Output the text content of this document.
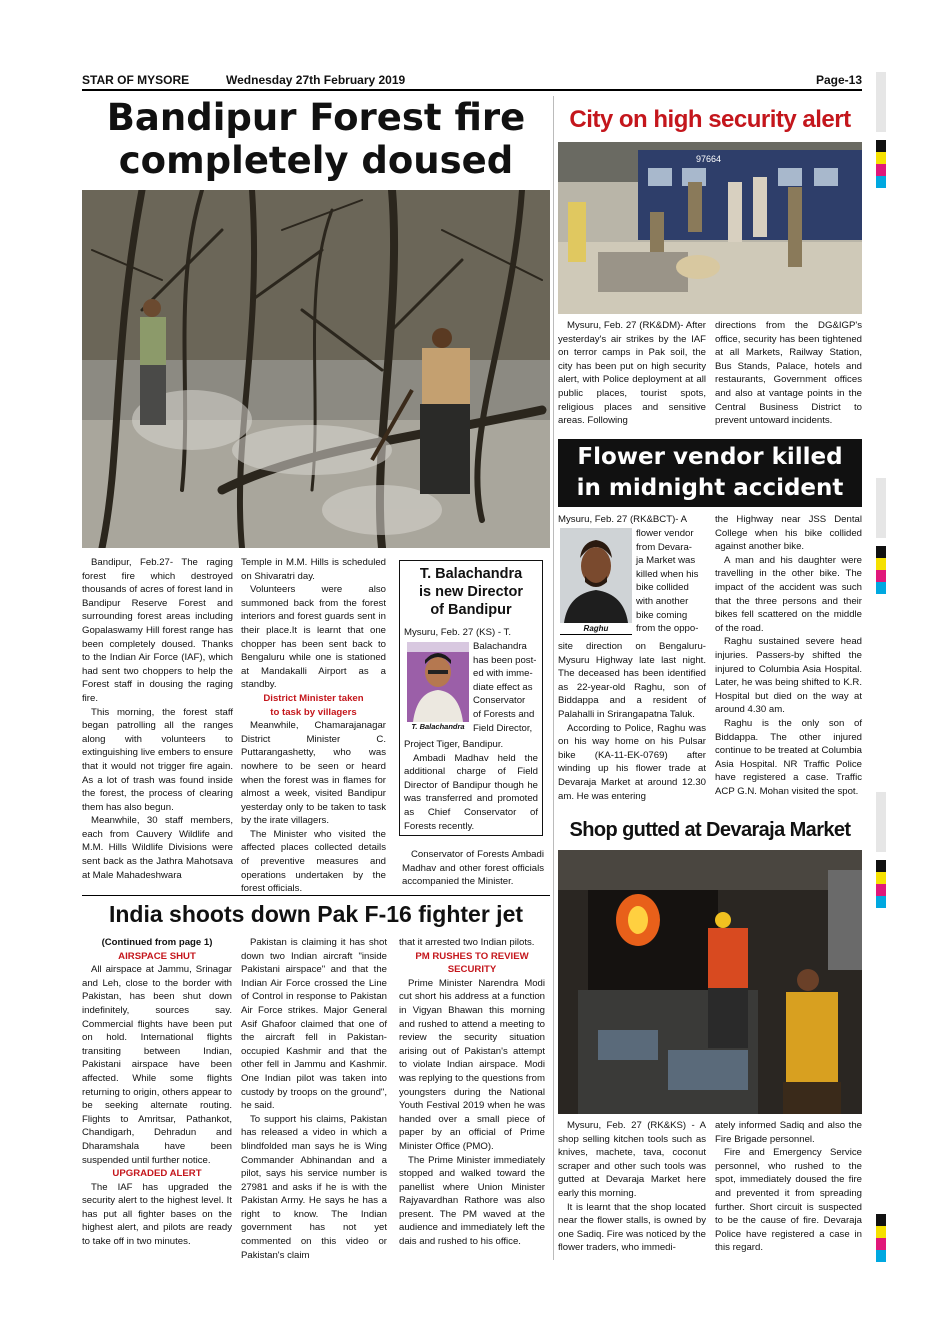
STAR OF MYSORE	Wednesday 27th February 2019	Page-13
Bandipur Forest fire
completely doused

Bandipur, Feb.27- The raging forest fire which destroyed thousands of acres of forest land in Bandipur Reserve Forest and surrounding forest areas including Gopalaswamy Hill forest range has been completely doused. Thanks to the Indian Air Force (IAF), which had sent two choppers to help the Forest staff in dousing the raging fire.

This morning, the forest staff began patrolling all the ranges along with volunteers to extinguishing live embers to ensure that it would not trigger fire again. As a lot of trash was found inside the forest, the process of clearing them has also begun.

Meanwhile, 30 staff members, each from Cauvery Wildlife and M.M. Hills Wildlife Divisions were sent back as the Jathra Mahotsava at Male Mahadeshwara

Temple in M.M. Hills is scheduled on Shivaratri day.

Volunteers were also summoned back from the forest interiors and forest guards sent in their place.It is learnt that one chopper has been sent back to Bengaluru while one is stationed at Mandakalli Airport as a standby.

District Minister taken
to task by villagers

Meanwhile, Chamarajanagar District Minister C. Puttarangashetty, who was nowhere to be seen or heard when the forest was in flames for almost a week, visited Bandipur yesterday only to be taken to task by the irate villagers.

The Minister who visited the affected places collected details of preventive measures and operations undertaken by the forest officials.

T. Balachandra
is new Director
of Bandipur
Mysuru, Feb. 27 (KS) - T.
T. Balachandra
Balachandra
has been post-
ed with imme-
diate effect as
Conservator
of Forests and
Field Director,

Project Tiger, Bandipur.

Ambadi Madhav held the additional charge of Field Director of Bandipur though he was transferred and promoted as Chief Conservator of Forests recently.

Conservator of Forests Ambadi Madhav and other forest officials accompanied the Minister.

India shoots down Pak F-16 fighter jet

(Continued from page 1)

AIRSPACE SHUT

All airspace at Jammu, Srinagar and Leh, close to the border with Pakistan, has been shut down indefinitely, sources say. Commercial flights have been put on hold. International flights transiting between Indian, Pakistani airspace have been affected. While some flights returning to origin, others appear to be seeking alternate routing. Flights to Amritsar, Pathankot, Chandigarh, Dehradun and Dharamshala have been suspended until further notice.

UPGRADED ALERT

The IAF has upgraded the security alert to the highest level. It has put all fighter bases on the highest alert, and pilots are ready to take off in two minutes.

Pakistan is claiming it has shot down two Indian aircraft "inside Pakistani airspace" and that the Indian Air Force crossed the Line of Control in response to Pakistan Air Force strikes. Major General Asif Ghafoor claimed that one of the aircraft fell in Pakistan-occupied Kashmir and that the other fell in Jammu and Kashmir. One Indian pilot was taken into custody by troops on the ground", he said.

To support his claims, Pakistan has released a video in which a blindfolded man says he is Wing Commander Abhinandan and a pilot, says his service number is 27981 and asks if he is with the Pakistan Army. He says he has a right to know. The Indian government has not yet commented on this video or Pakistan's claim

that it arrested two Indian pilots.

PM RUSHES TO REVIEW
SECURITY

Prime Minister Narendra Modi cut short his address at a function in Vigyan Bhawan this morning and rushed to attend a meeting to review the security situation arising out of Pakistan's attempt to violate Indian airspace. Modi was replying to the questions from youngsters during the National Youth Festival 2019 when he was handed over a small piece of paper by an official of Prime Minister Office (PMO).

The Prime Minister immediately stopped and walked toward the panellist where Union Minister Rajyavardhan Rathore was also present. The PM waved at the audience and immediately left the dais and rushed to his office.

City on high security alert
97664

Mysuru, Feb. 27 (RK&DM)- After yesterday's air strikes by the IAF on terror camps in Pak soil, the city has been put on high security alert, with Police deployment at all public places, tourist spots, religious places and sensitive areas. Following

directions from the DG&IGP's office, security has been tightened at all Markets, Railway Station, Bus Stands, Palace, hotels and restaurants, Government offices and also at vantage points in the Central Business District to prevent untoward incidents.

Flower vendor killed
in midnight accident
Mysuru, Feb. 27 (RK&BCT)- A
Raghu
flower vendor
from Devara-
ja Market was
killed when his
bike collided
with another
bike coming
from the oppo-

site direction on Bengaluru-Mysuru Highway late last night. The deceased has been identified as 22-year-old Raghu, son of Biddappa and a resident of Palahalli in Srirangapatna Taluk.

According to Police, Raghu was on his way home on his Pulsar bike (KA-11-EK-0769) after winding up his flower trade at Devaraja Market at around 12.30 am. He was entering

the Highway near JSS Dental College when his bike collided against another bike.

A man and his daughter were travelling in the other bike. The impact of the accident was such that the three persons and their bikes fell scattered on the middle of the road.

Raghu sustained severe head injuries. Passers-by shifted the injured to Columbia Asia Hospital. Later, he was being shifted to K.R. Hospital but died on the way at around 4.30 am.

Raghu is the only son of Biddappa. The other injured continue to be treated at Columbia Asia Hospital. NR Traffic Police have registered a case. Traffic ACP G.N. Mohan visited the spot.

Shop gutted at Devaraja Market

Mysuru, Feb. 27 (RK&KS) - A shop selling kitchen tools such as knives, machete, tava, coconut scraper and other such tools was gutted at Devaraja Market here early this morning.

It is learnt that the shop located near the flower stalls, is owned by one Sadiq. Fire was noticed by the flower traders, who immedi-

ately informed Sadiq and also the Fire Brigade personnel.

Fire and Emergency Service personnel, who rushed to the spot, immediately doused the fire and prevented it from spreading further. Short circuit is suspected to be the cause of fire. Devaraja Police have registered a case in this regard.
